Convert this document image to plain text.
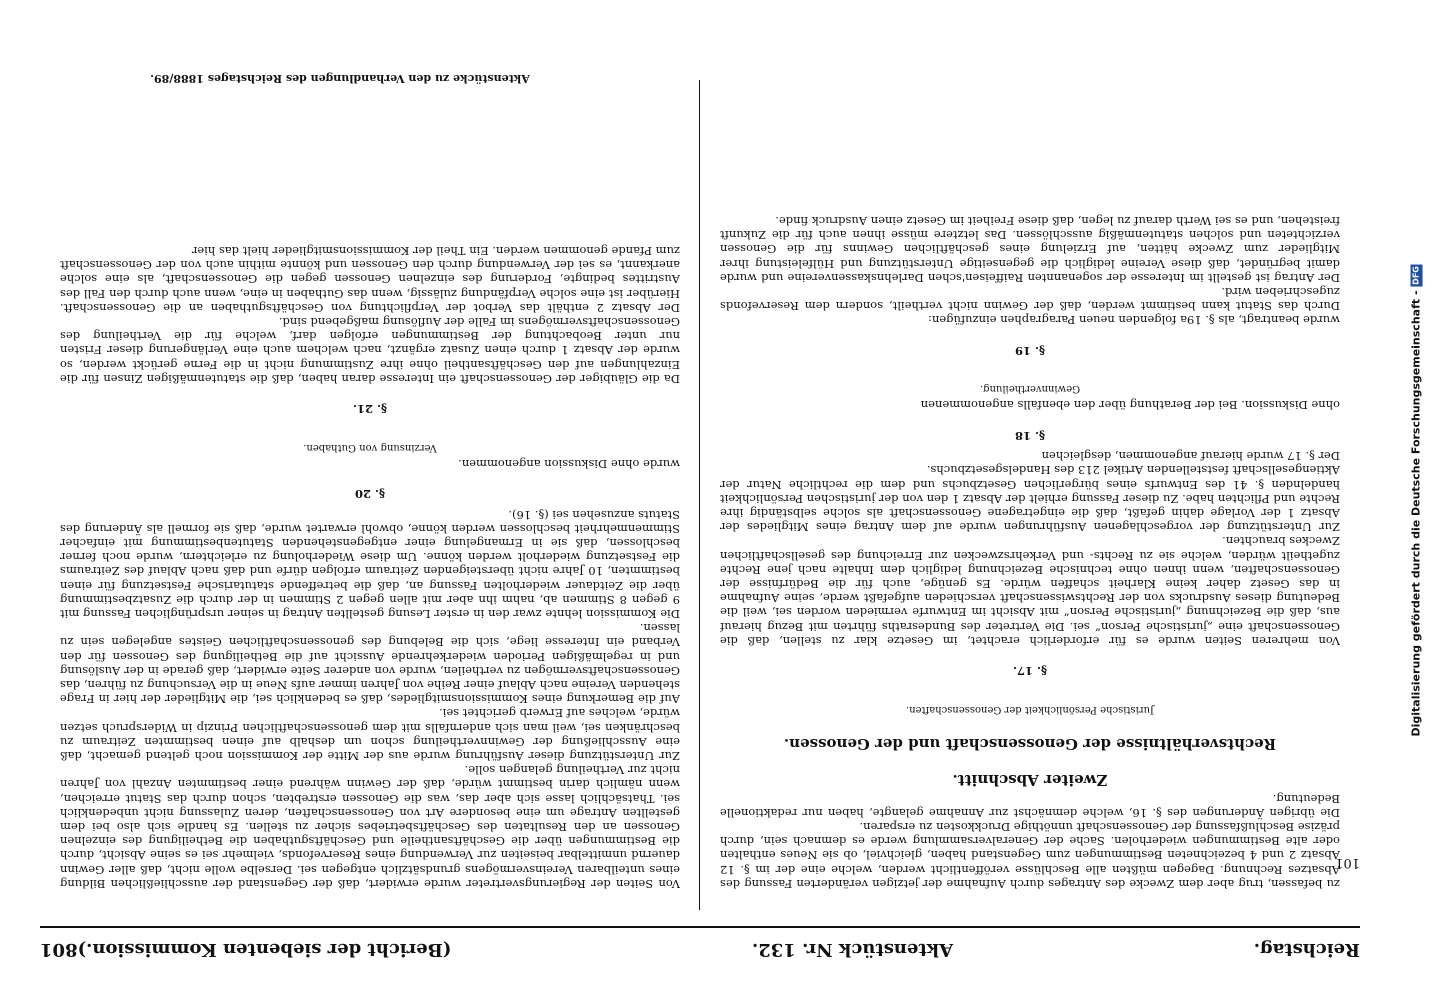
Reichstag.
Aktenstück Nr. 132.
(Bericht der siebenten Kommission.)
801

zu befassen, trug aber dem Zwecke des Antrages durch Aufnahme der jetzigen veränderten Fassung des Absatzes Rechnung. Dagegen müßten alle Beschlüsse veröffentlicht werden, welche eine der im §. 12 Absatz 2 und 4 bezeichneten Bestimmungen zum Gegenstand haben, gleichviel, ob sie Neues enthalten oder alte Bestimmungen wiederholen. Sache der Generalversammlung werde es demnach sein, durch präzise Beschlußfassung der Genossenschaft unnöthige Druckkosten zu ersparen.
Die übrigen Änderungen des §. 16, welche demnächst zur Annahme gelangte, haben nur redaktionelle Bedeutung.

Zweiter Abschnitt.

Rechtsverhältnisse der Genossenschaft und der Genossen.

Juristische Persönlichkeit der Genossenschaften.

§. 17.

Von mehreren Seiten wurde es für erforderlich erachtet, im Gesetze klar zu stellen, daß die Genossenschaft eine „juristische Person“ sei. Die Vertreter des Bundesraths führten mit Bezug hierauf aus, daß die Bezeichnung „juristische Person“ mit Absicht im Entwurfe vermieden worden sei, weil die Bedeutung dieses Ausdrucks von der Rechtswissenschaft verschieden aufgefaßt werde, seine Aufnahme in das Gesetz daher keine Klarheit schaffen würde. Es genüge, auch für die Bedürfnisse der Genossenschaften, wenn ihnen ohne technische Bezeichnung lediglich dem Inhalte nach jene Rechte zugetheilt würden, welche sie zu Rechts- und Verkehrszwecken zur Erreichung des gesellschaftlichen Zweckes brauchten.
Zur Unterstützung der vorgeschlagenen Ausführungen wurde auf dem Antrag eines Mitgliedes der Absatz 1 der Vorlage dahin gefaßt, daß die eingetragene Genossenschaft als solche selbständig ihre Rechte und Pflichten habe. Zu dieser Fassung erhielt der Absatz 1 den von der juristischen Persönlichkeit handelnden §. 41 des Entwurfs eines bürgerlichen Gesetzbuchs und dem die rechtliche Natur der Aktiengesellschaft feststellenden Artikel 213 des Handelsgesetzbuchs.
Der §. 17 wurde hierauf angenommen, desgleichen

§. 18

ohne Diskussion. Bei der Berathung über den ebenfalls angenommenen

Gewinnvertheilung.

§. 19

wurde beantragt, als §. 19a folgenden neuen Paragraphen einzufügen:
Durch das Statut kann bestimmt werden, daß der Gewinn nicht vertheilt, sondern dem Reservefonds zugeschrieben wird.
Der Antrag ist gestellt im Interesse der sogenannten Raiffeisen'schen Darlehnskassenvereine und wurde damit begründet, daß diese Vereine lediglich die gegenseitige Unterstützung und Hülfeleistung ihrer Mitglieder zum Zwecke hätten, auf Erzielung eines geschäftlichen Gewinns für die Genossen verzichteten und solchen statutenmäßig ausschlössen. Das letztere müsse ihnen auch für die Zukunft freistehen, und es sei Werth darauf zu legen, daß diese Freiheit im Gesetz einen Ausdruck finde.

Von Seiten der Regierungsvertreter wurde erwidert, daß der Gegenstand der ausschließlichen Bildung eines unteilbaren Vereinsvermögens grundsätzlich entgegen sei. Derselbe wolle nicht, daß aller Gewinn dauernd unmittelbar beiseiten zur Verwendung eines Reservefonds, vielmehr sei es seine Absicht, durch die Bestimmungen über die Geschäftsantheile und Geschäftsguthaben die Betheiligung des einzelnen Genossen an den Resultaten des Geschäftsbetriebes sicher zu stellen. Es handle sich also bei dem gestellten Antrage um eine besondere Art von Genossenschaften, deren Zulassung nicht unbedenklich sei. Thatsächlich lasse sich aber das, was die Genossen erstrebten, schon durch das Statut erreichen, wenn nämlich darin bestimmt würde, daß der Gewinn während einer bestimmten Anzahl von Jahren nicht zur Vertheilung gelangen solle.
Zur Unterstützung dieser Ausführung wurde aus der Mitte der Kommission noch geltend gemacht, daß eine Ausschließung der Gewinnvertheilung schon um deshalb auf einen bestimmten Zeitraum zu beschränken sei, weil man sich andernfalls mit dem genossenschaftlichen Prinzip in Widerspruch setzen würde, welches auf Erwerb gerichtet sei.
Auf die Bemerkung eines Kommissionsmitgliedes, daß es bedenklich sei, die Mitglieder der hier in Frage stehenden Vereine nach Ablauf einer Reihe von Jahren immer aufs Neue in die Versuchung zu führen, das Genossenschaftsvermögen zu vertheilen, wurde von anderer Seite erwidert, daß gerade in der Auslösung und in regelmäßigen Perioden wiederkehrende Aussicht auf die Betheiligung des Genossen für den Verband ein Interesse liege, sich die Belebung des genossenschaftlichen Geistes angelegen sein zu lassen.
Die Kommission lehnte zwar den in erster Lesung gestellten Antrag in seiner ursprünglichen Fassung mit 9 gegen 8 Stimmen ab, nahm ihn aber mit allen gegen 2 Stimmen in der durch die Zusatzbestimmung über die Zeitdauer wiederholten Fassung an, daß die betreffende statutarische Festsetzung für einen bestimmten, 10 Jahre nicht übersteigenden Zeitraum erfolgen dürfe und daß nach Ablauf des Zeitraums die Festsetzung wiederholt werden könne. Um diese Wiederholung zu erleichtern, wurde noch ferner beschlossen, daß sie in Ermangelung einer entgegenstehenden Statutenbestimmung mit einfacher Stimmenmehrheit beschlossen werden könne, obwohl erwartet wurde, daß sie formell als Änderung des Statuts anzusehen sei (§. 16).

§. 20

wurde ohne Diskussion angenommen.

Verzinsung von Guthaben.

§. 21.

Da die Gläubiger der Genossenschaft ein Interesse daran haben, daß die statutenmäßigen Zinsen für die Einzahlungen auf den Geschäftsantheil ohne ihre Zustimmung nicht in die Ferne gerückt werden, so wurde der Absatz 1 durch einen Zusatz ergänzt, nach welchem auch eine Verlängerung dieser Fristen nur unter Beobachtung der Bestimmungen erfolgen darf, welche für die Vertheilung des Genossenschaftsvermögens im Falle der Auflösung maßgebend sind.
Der Absatz 2 enthält das Verbot der Verpflichtung von Geschäftsguthaben an die Genossenschaft. Hierüber ist eine solche Verpfändung zulässig, wenn das Guthaben in eine, wenn auch durch den Fall des Austrittes bedingte, Forderung des einzelnen Genossen gegen die Genossenschaft, als eine solche anerkannt, es sei der Verwendung durch den Genossen und könnte mithin auch von der Genossenschaft zum Pfande genommen werden. Ein Theil der Kommissionsmitglieder hielt das hier

Aktenstücke zu den Verhandlungen des Reichstages 1888/89.
101
Digitalisierung gefördert durch die Deutsche Forschungsgemeinschaft -
DFG
